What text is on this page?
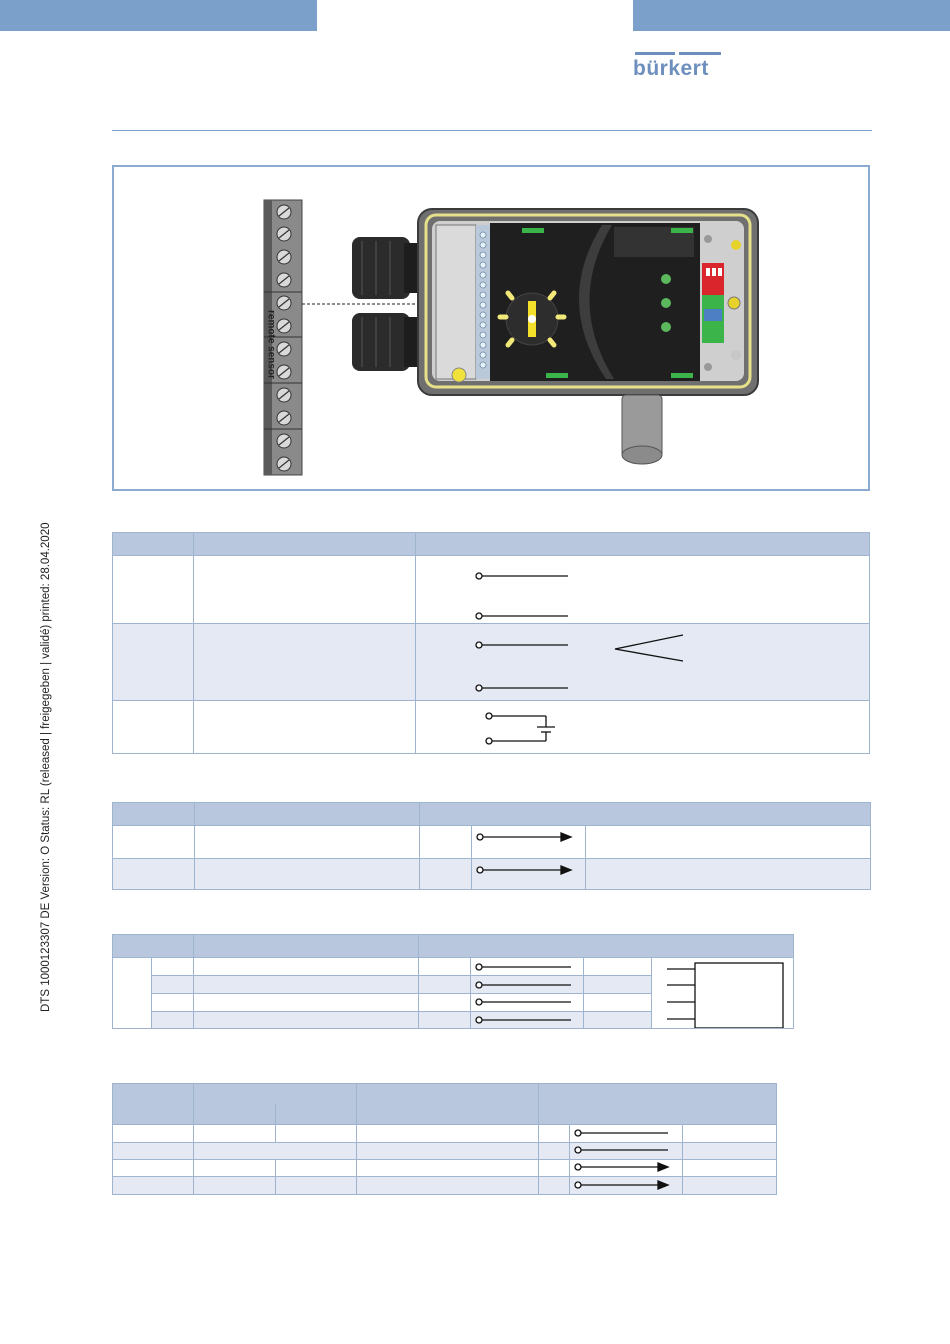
bürkert
DTS 1000123307 DE Version: O Status: RL (released | freigegeben | validé) printed: 28.04.2020
remote sensor
